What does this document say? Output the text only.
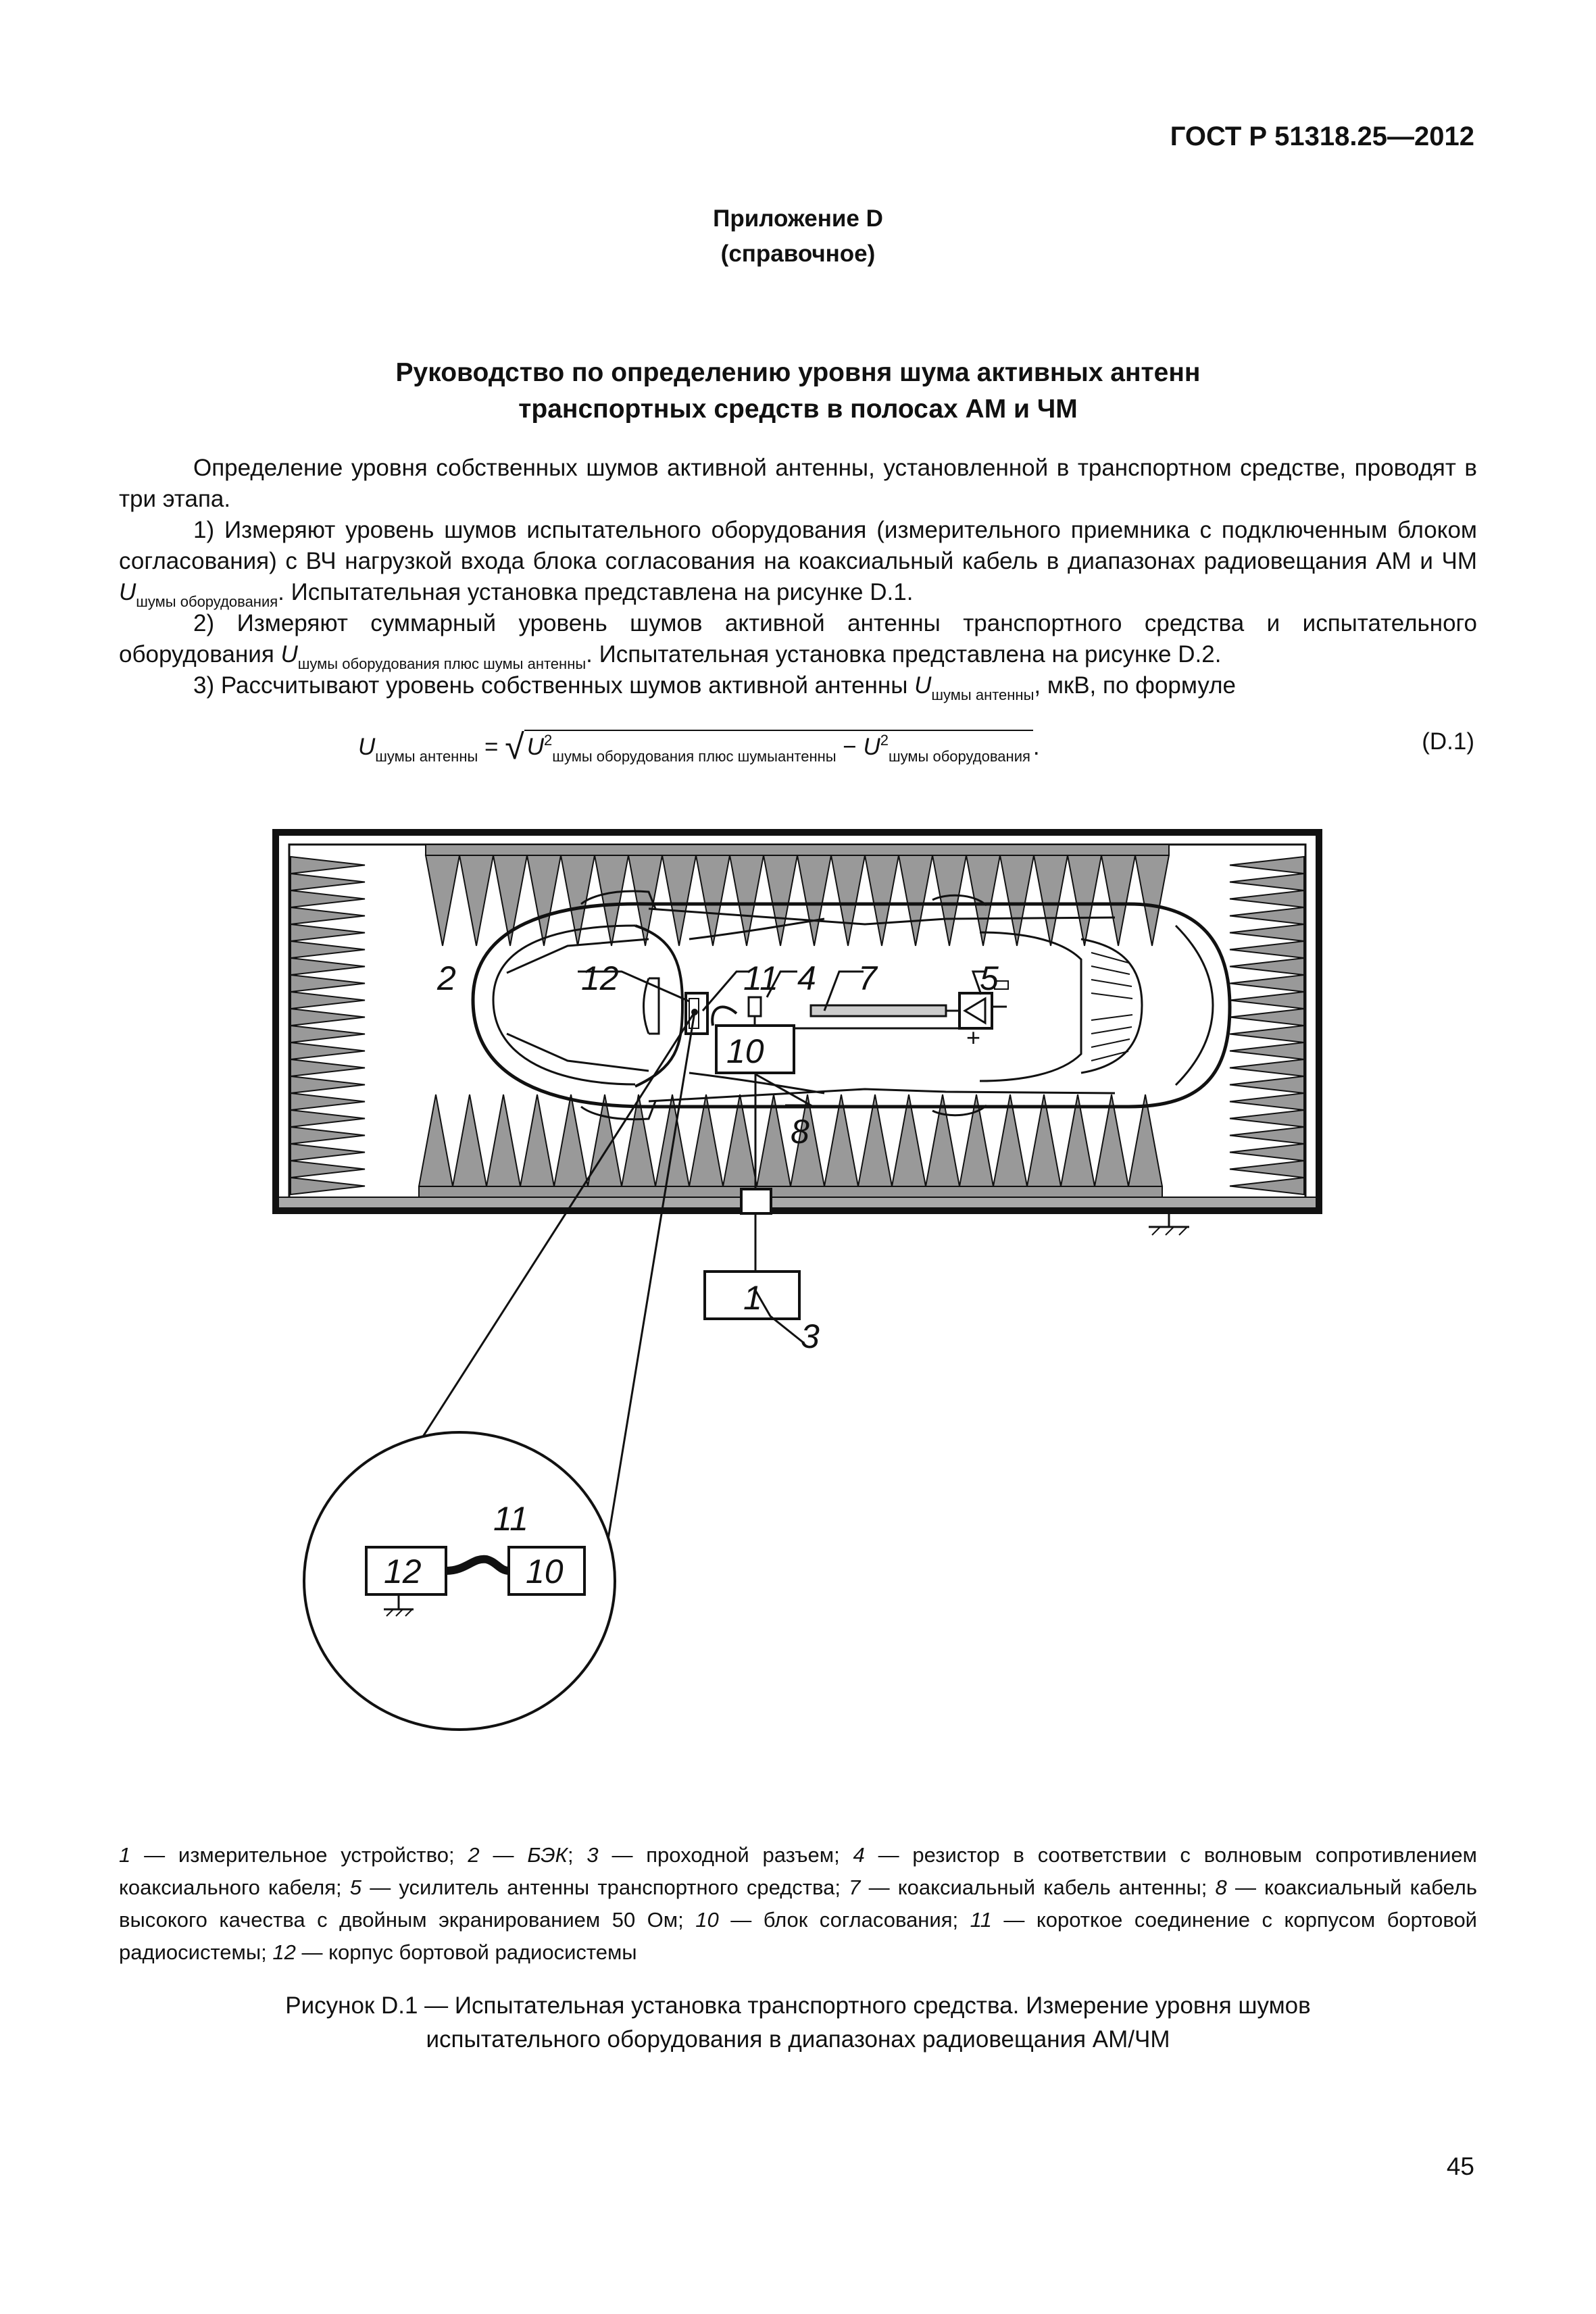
ГОСТ Р 51318.25—2012
Приложение D
(справочное)
Руководство по определению уровня шума активных антенн
транспортных средств в полосах АМ и ЧМ
Определение уровня собственных шумов активной антенны, установленной в транспортном средстве, проводят в три этапа.
1) Измеряют уровень шумов испытательного оборудования (измерительного приемника с подключенным блоком согласования) с ВЧ нагрузкой входа блока согласования на коаксиальный кабель в диапазонах радиовещания АМ и ЧМ $U_{шумы оборудования}$. Испытательная установка представлена на рисунке D.1.
2) Измеряют суммарный уровень шумов активной антенны транспортного средства и испытательного оборудования $U_{шумы оборудования плюс шумы антенны}$. Испытательная установка представлена на рисунке D.2.
3) Рассчитывают уровень собственных шумов активной антенны $U_{шумы антенны}$, мкВ, по формуле
$U_{шумы антенны}$ = √ $U^2_{шумы оборудования плюс шумыантенны} - U^2_{шумы оборудования}$ .	(D.1)
2	12	11 4 7	5
10	+
8
1
3
11
12	10
1 — измерительное устройство; 2 — БЭК; 3 — проходной разъем; 4 — резистор в соответствии с волновым сопротивлением коаксиального кабеля; 5 — усилитель антенны транспортного средства; 7 — коаксиальный кабель антенны; 8 — коаксиальный кабель высокого качества с двойным экранированием 50 Ом; 10 — блок согласования; 11 — короткое соединение с корпусом бортовой радиосистемы; 12 — корпус бортовой радиосистемы
Рисунок D.1 — Испытательная установка транспортного средства. Измерение уровня шумов
испытательного оборудования в диапазонах радиовещания АМ/ЧМ
45
